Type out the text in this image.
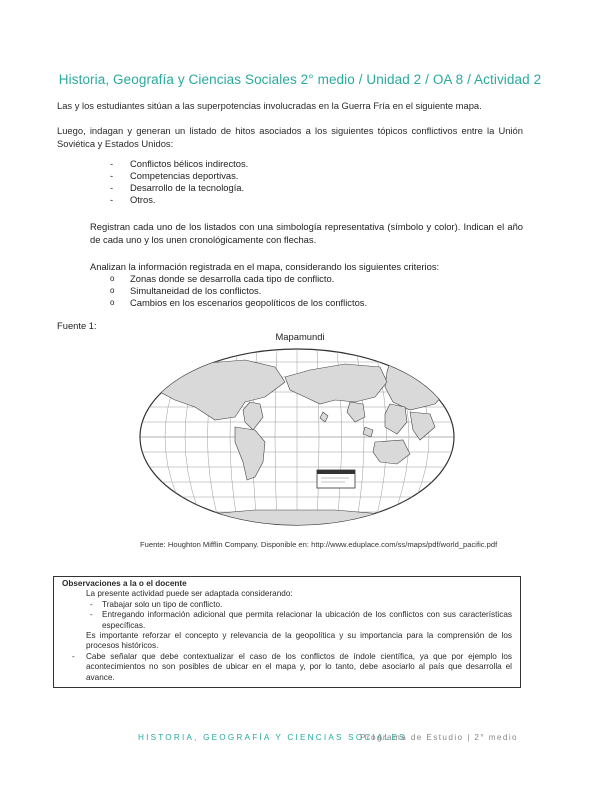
Historia, Geografía y Ciencias Sociales 2° medio / Unidad 2 / OA 8 / Actividad 2
Las y los estudiantes sitúan a las superpotencias involucradas en la Guerra Fría en el siguiente mapa.
Luego, indagan y generan un listado de hitos asociados a los siguientes tópicos conflictivos entre la Unión Soviética y Estados Unidos:
- Conflictos bélicos indirectos.
- Competencias deportivas.
- Desarrollo de la tecnología.
- Otros.
Registran cada uno de los listados con una simbología representativa (símbolo y color). Indican el año de cada uno y los unen cronológicamente con flechas.
Analizan la información registrada en el mapa, considerando los siguientes criterios:
o Zonas donde se desarrolla cada tipo de conflicto.
o Simultaneidad de los conflictos.
o Cambios en los escenarios geopolíticos de los conflictos.
Fuente 1:
Mapamundi
Fuente: Houghton Mifflin Company. Disponible en: http://www.eduplace.com/ss/maps/pdf/world_pacific.pdf
Observaciones a la o el docente
La presente actividad puede ser adaptada considerando:
- Trabajar solo un tipo de conflicto.
- Entregando información adicional que permita relacionar la ubicación de los conflictos con sus características específicas.
Es importante reforzar el concepto y relevancia de la geopolítica y su importancia para la comprensión de los procesos históricos.
- Cabe señalar que debe contextualizar el caso de los conflictos de índole científica, ya que por ejemplo los acontecimientos no son posibles de ubicar en el mapa y, por lo tanto, debe asociarlo al país que desarrolla el avance.
HISTORIA, GEOGRAFÍA Y CIENCIAS SOCIALES
Programa de Estudio | 2° medio
